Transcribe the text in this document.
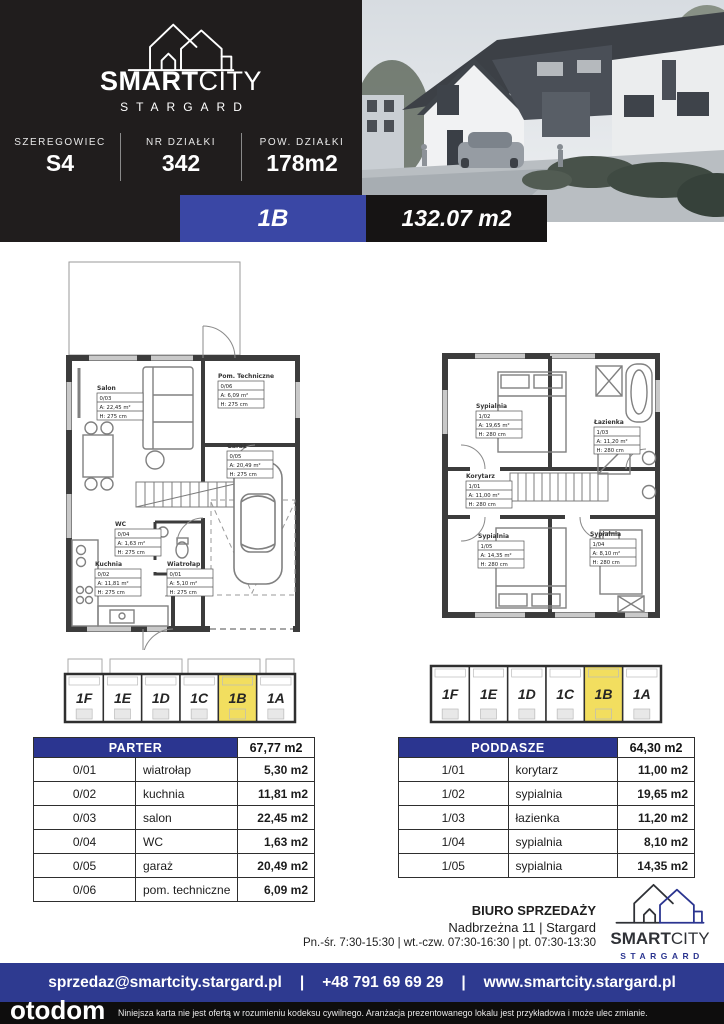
SMARTCITY
STARGARD
SZEREGOWIEC
S4
NR DZIAŁKI
342
POW. DZIAŁKI
178m2
1B	132.07 m2
Salon
0/03
A: 22,45 m²
H: 275 cm
Pom. Techniczne
0/06
A: 6,09 m²
H: 275 cm
Garaż
0/05
A: 20,49 m²
H: 275 cm
WC
0/04
A: 1,63 m²
H: 275 cm
Kuchnia
0/02
A: 11,81 m²
H: 275 cm
Wiatrołap
0/01
A: 5,10 m²
H: 275 cm
Sypialnia
1/02
A: 19,65 m²
H: 280 cm
Łazienka
1/03
A: 11,20 m²
H: 280 cm
Korytarz
1/01
A: 11,00 m²
H: 280 cm
Sypialnia
1/05
A: 14,35 m²
H: 280 cm
Sypialnia
1/04
A: 8,10 m²
H: 280 cm
1F 1E 1D 1C 1B 1A	1F 1E 1D 1C 1B 1A
PARTER		67,77 m2
0/01	wiatrołap	5,30 m2
0/02	kuchnia	11,81 m2
0/03	salon	22,45 m2
0/04	WC	1,63 m2
0/05	garaż	20,49 m2
0/06	pom. techniczne	6,09 m2
PODDASZE		64,30 m2
1/01	korytarz	11,00 m2
1/02	sypialnia	19,65 m2
1/03	łazienka	11,20 m2
1/04	sypialnia	8,10 m2
1/05	sypialnia	14,35 m2
BIURO SPRZEDAŻY
Nadbrzeżna 11 | Stargard
Pn.-śr. 7:30-15:30 | wt.-czw. 07:30-16:30 | pt. 07:30-13:30 SMARTCITY
STARGARD
sprzedaz@smartcity.stargard.pl | +48 791 69 69 29 | www.smartcity.stargard.pl
Niniejsza karta nie jest ofertą w rozumieniu kodeksu cywilnego. Aranżacja prezentowanego lokalu jest przykładowa i może ulec zmianie.
otodom
